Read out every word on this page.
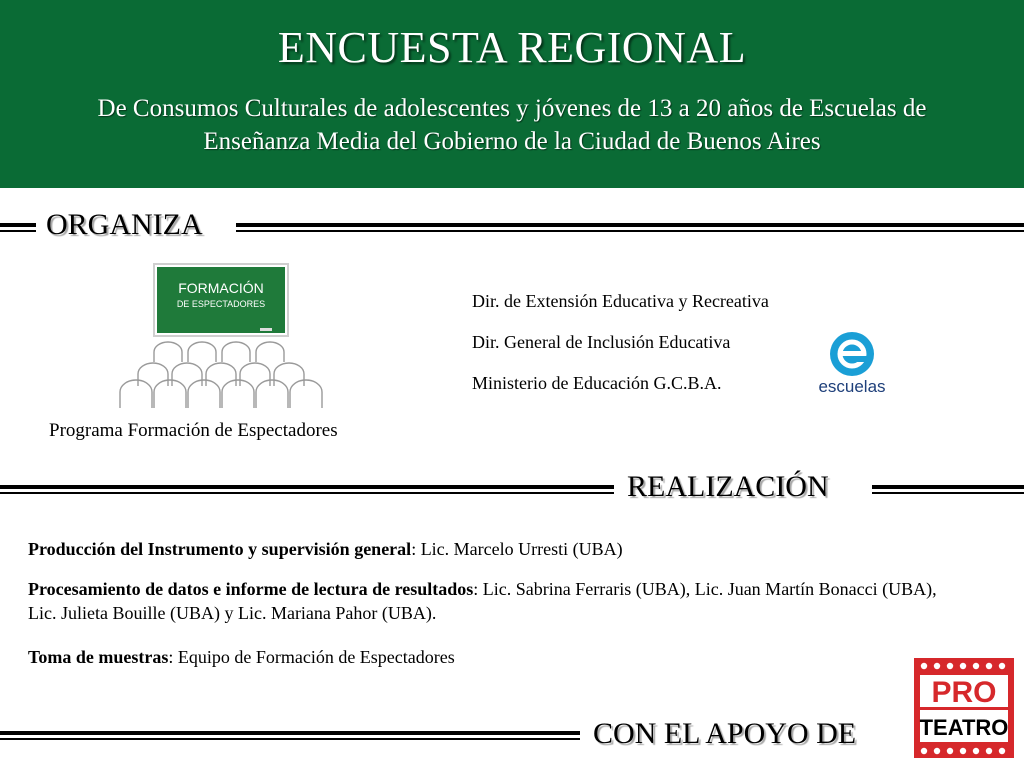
ENCUESTA REGIONAL
De Consumos Culturales de adolescentes y jóvenes de 13 a 20 años de Escuelas de
Enseñanza Media del Gobierno de la Ciudad de Buenos Aires
ORGANIZA
FORMACIÓN
DE ESPECTADORES
Programa Formación de Espectadores
Dir. de Extensión Educativa y Recreativa
Dir. General de Inclusión Educativa
Ministerio de Educación G.C.B.A.	escuelas
REALIZACIÓN
Producción del Instrumento y supervisión general: Lic. Marcelo Urresti (UBA)
Procesamiento de datos e informe de lectura de resultados: Lic. Sabrina Ferraris (UBA), Lic. Juan Martín Bonacci (UBA), Lic. Julieta Bouille (UBA) y Lic. Mariana Pahor (UBA).
Toma de muestras: Equipo de Formación de Espectadores
CON EL APOYO DE
PRO
TEATRO
